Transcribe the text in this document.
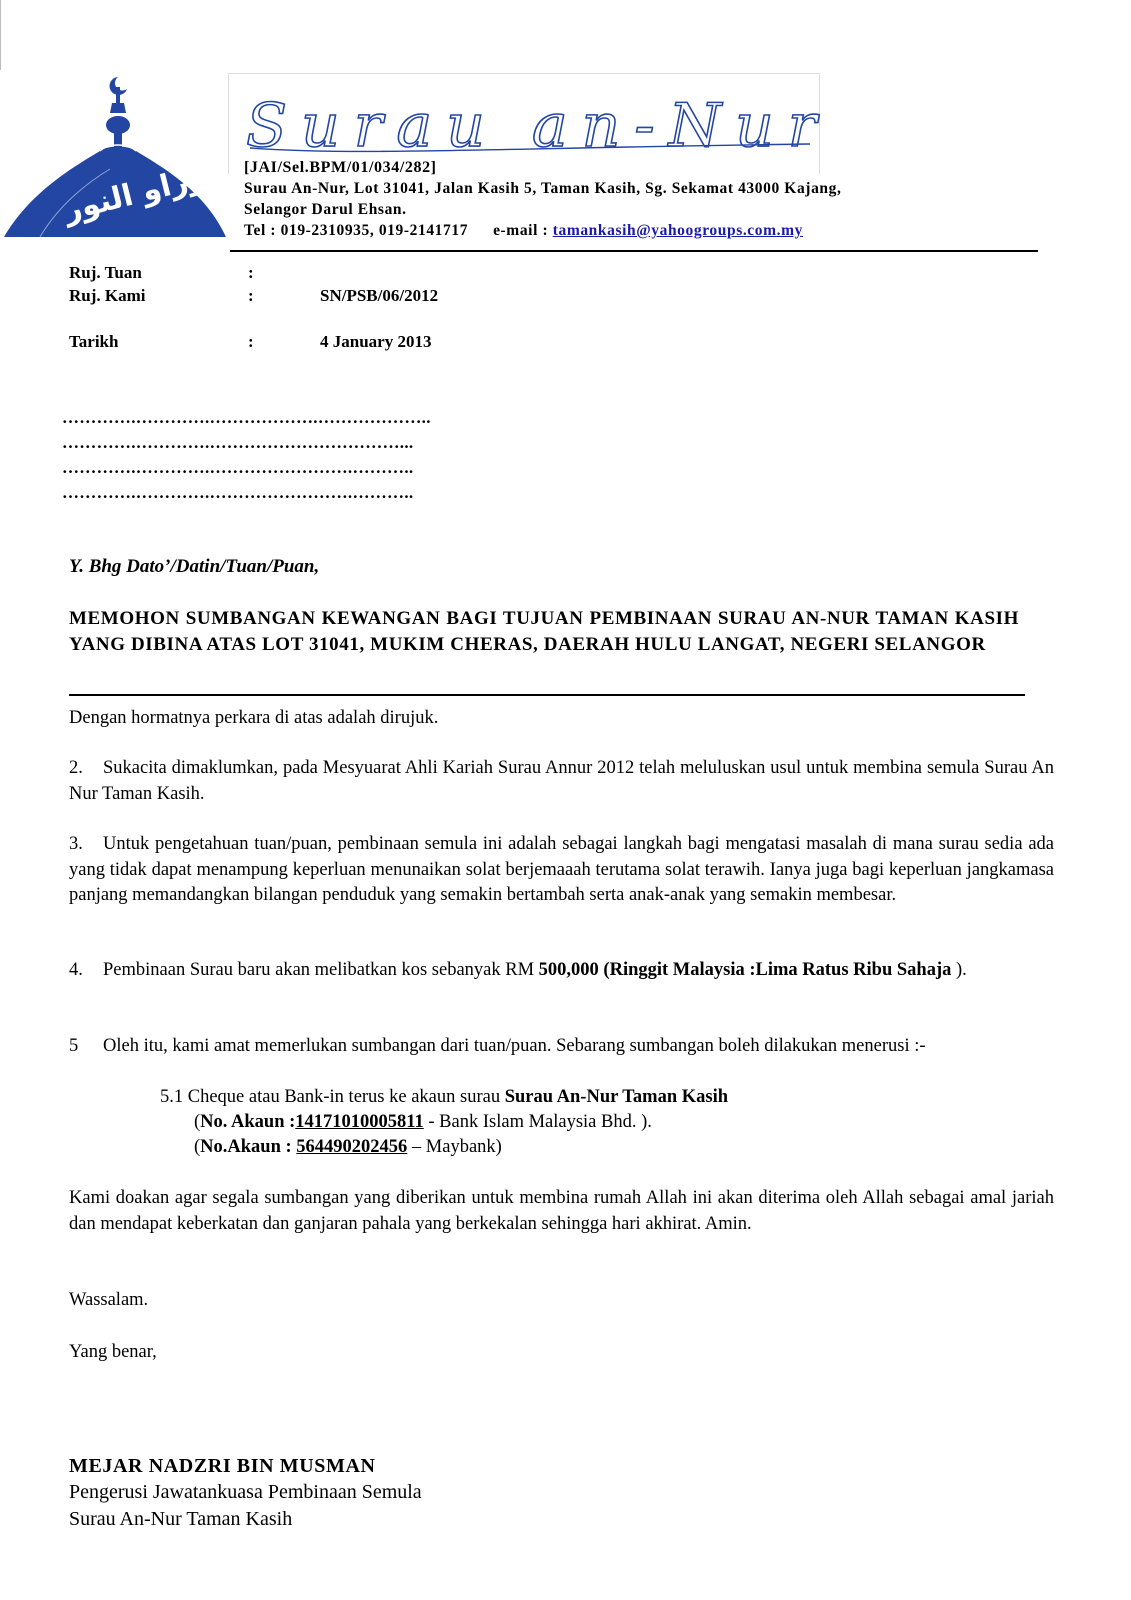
سوراو النور
Surau an-Nur
[JAI/Sel.BPM/01/034/282]
Surau An-Nur, Lot 31041, Jalan Kasih 5, Taman Kasih, Sg. Sekamat 43000 Kajang,
Selangor Darul Ehsan.
Tel : 019-2310935, 019-2141717 e-mail : tamankasih@yahoogroups.com.my
Ruj. Tuan	:
Ruj. Kami	:	SN/PSB/06/2012
Tarikh	:	4 January 2013
………….………….……………….………………..
………….………….……………………………...
………….………….…………………….………..
………….………….…………………….………..
Y. Bhg Dato’/Datin/Tuan/Puan,
MEMOHON SUMBANGAN KEWANGAN BAGI TUJUAN PEMBINAAN SURAU AN-NUR TAMAN KASIH YANG DIBINA ATAS LOT 31041, MUKIM CHERAS, DAERAH HULU LANGAT, NEGERI SELANGOR
Dengan hormatnya perkara di atas adalah dirujuk.
2. Sukacita dimaklumkan, pada Mesyuarat Ahli Kariah Surau Annur 2012 telah meluluskan usul untuk membina semula Surau An Nur Taman Kasih.
3. Untuk pengetahuan tuan/puan, pembinaan semula ini adalah sebagai langkah bagi mengatasi masalah di mana surau sedia ada yang tidak dapat menampung keperluan menunaikan solat berjemaaah terutama solat terawih. Ianya juga bagi keperluan jangkamasa panjang memandangkan bilangan penduduk yang semakin bertambah serta anak-anak yang semakin membesar.
4. Pembinaan Surau baru akan melibatkan kos sebanyak RM 500,000 (Ringgit Malaysia :Lima Ratus Ribu Sahaja ).
5	Oleh itu, kami amat memerlukan sumbangan dari tuan/puan. Sebarang sumbangan boleh dilakukan menerusi :-
5.1 Cheque atau Bank-in terus ke akaun surau Surau An-Nur Taman Kasih
(No. Akaun :14171010005811 - Bank Islam Malaysia Bhd. ).
(No.Akaun : 564490202456 – Maybank)
Kami doakan agar segala sumbangan yang diberikan untuk membina rumah Allah ini akan diterima oleh Allah sebagai amal jariah dan mendapat keberkatan dan ganjaran pahala yang berkekalan sehingga hari akhirat. Amin.
Wassalam.
Yang benar,
MEJAR NADZRI BIN MUSMAN
Pengerusi Jawatankuasa Pembinaan Semula
Surau An-Nur Taman Kasih
